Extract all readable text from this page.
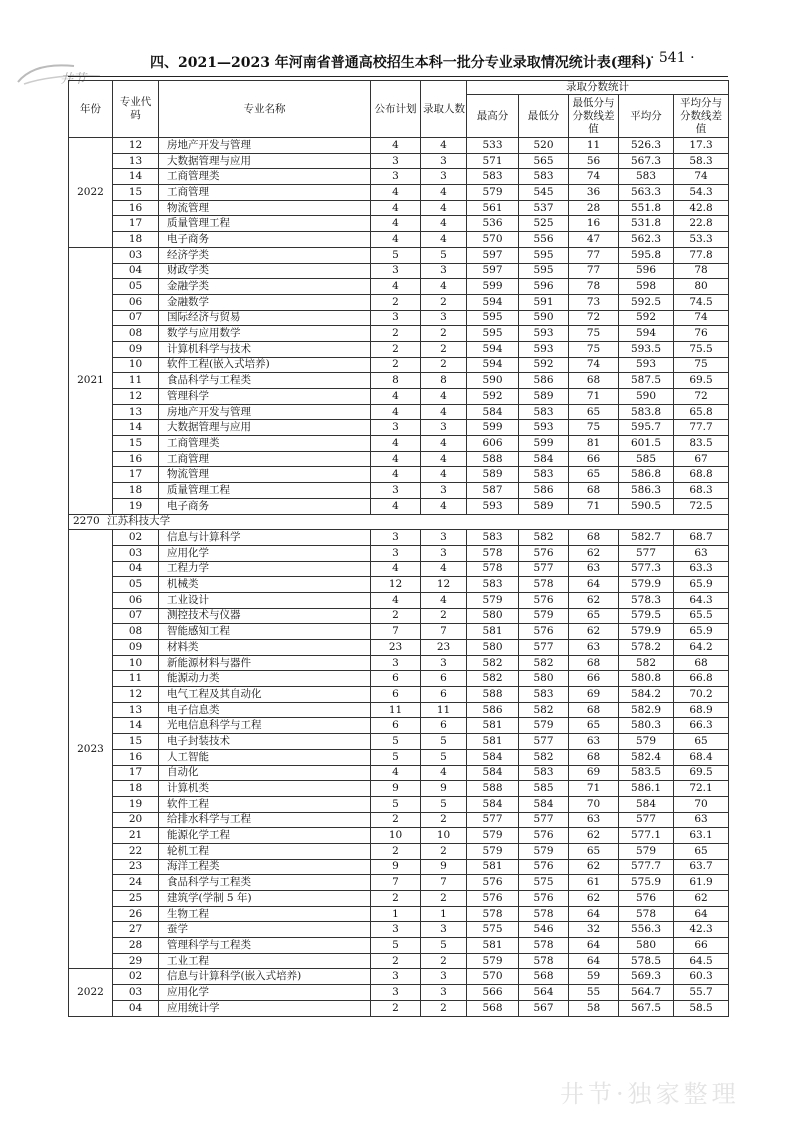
井节
四、2021—2023 年河南省普通高校招生本科一批分专业录取情况统计表(理科)
· 541 ·
年份	专业代码	专业名称	公布计划	录取人数	录取分数统计				
					最高分	最低分	最低分与分数线差值	平均分	平均分与分数线差值
2022	12	房地产开发与管理	4	4	533	520	11	526.3	17.3
	13	大数据管理与应用	3	3	571	565	56	567.3	58.3
	14	工商管理类	3	3	583	583	74	583	74
	15	工商管理	4	4	579	545	36	563.3	54.3
	16	物流管理	4	4	561	537	28	551.8	42.8
	17	质量管理工程	4	4	536	525	16	531.8	22.8
	18	电子商务	4	4	570	556	47	562.3	53.3
2021	03	经济学类	5	5	597	595	77	595.8	77.8
	04	财政学类	3	3	597	595	77	596	78
	05	金融学类	4	4	599	596	78	598	80
	06	金融数学	2	2	594	591	73	592.5	74.5
	07	国际经济与贸易	3	3	595	590	72	592	74
	08	数学与应用数学	2	2	595	593	75	594	76
	09	计算机科学与技术	2	2	594	593	75	593.5	75.5
	10	软件工程(嵌入式培养)	2	2	594	592	74	593	75
	11	食品科学与工程类	8	8	590	586	68	587.5	69.5
	12	管理科学	4	4	592	589	71	590	72
	13	房地产开发与管理	4	4	584	583	65	583.8	65.8
	14	大数据管理与应用	3	3	599	593	75	595.7	77.7
	15	工商管理类	4	4	606	599	81	601.5	83.5
	16	工商管理	4	4	588	584	66	585	67
	17	物流管理	4	4	589	583	65	586.8	68.8
	18	质量管理工程	3	3	587	586	68	586.3	68.3
	19	电子商务	4	4	593	589	71	590.5	72.5
2270 江苏科技大学									
2023	02	信息与计算科学	3	3	583	582	68	582.7	68.7
	03	应用化学	3	3	578	576	62	577	63
	04	工程力学	4	4	578	577	63	577.3	63.3
	05	机械类	12	12	583	578	64	579.9	65.9
	06	工业设计	4	4	579	576	62	578.3	64.3
	07	测控技术与仪器	2	2	580	579	65	579.5	65.5
	08	智能感知工程	7	7	581	576	62	579.9	65.9
	09	材料类	23	23	580	577	63	578.2	64.2
	10	新能源材料与器件	3	3	582	582	68	582	68
	11	能源动力类	6	6	582	580	66	580.8	66.8
	12	电气工程及其自动化	6	6	588	583	69	584.2	70.2
	13	电子信息类	11	11	586	582	68	582.9	68.9
	14	光电信息科学与工程	6	6	581	579	65	580.3	66.3
	15	电子封装技术	5	5	581	577	63	579	65
	16	人工智能	5	5	584	582	68	582.4	68.4
	17	自动化	4	4	584	583	69	583.5	69.5
	18	计算机类	9	9	588	585	71	586.1	72.1
	19	软件工程	5	5	584	584	70	584	70
	20	给排水科学与工程	2	2	577	577	63	577	63
	21	能源化学工程	10	10	579	576	62	577.1	63.1
	22	轮机工程	2	2	579	579	65	579	65
	23	海洋工程类	9	9	581	576	62	577.7	63.7
	24	食品科学与工程类	7	7	576	575	61	575.9	61.9
	25	建筑学(学制 5 年)	2	2	576	576	62	576	62
	26	生物工程	1	1	578	578	64	578	64
	27	蚕学	3	3	575	546	32	556.3	42.3
	28	管理科学与工程类	5	5	581	578	64	580	66
	29	工业工程	2	2	579	578	64	578.5	64.5
2022	02	信息与计算科学(嵌入式培养)	3	3	570	568	59	569.3	60.3
	03	应用化学	3	3	566	564	55	564.7	55.7
	04	应用统计学	2	2	568	567	58	567.5	58.5
井节·独家整理
